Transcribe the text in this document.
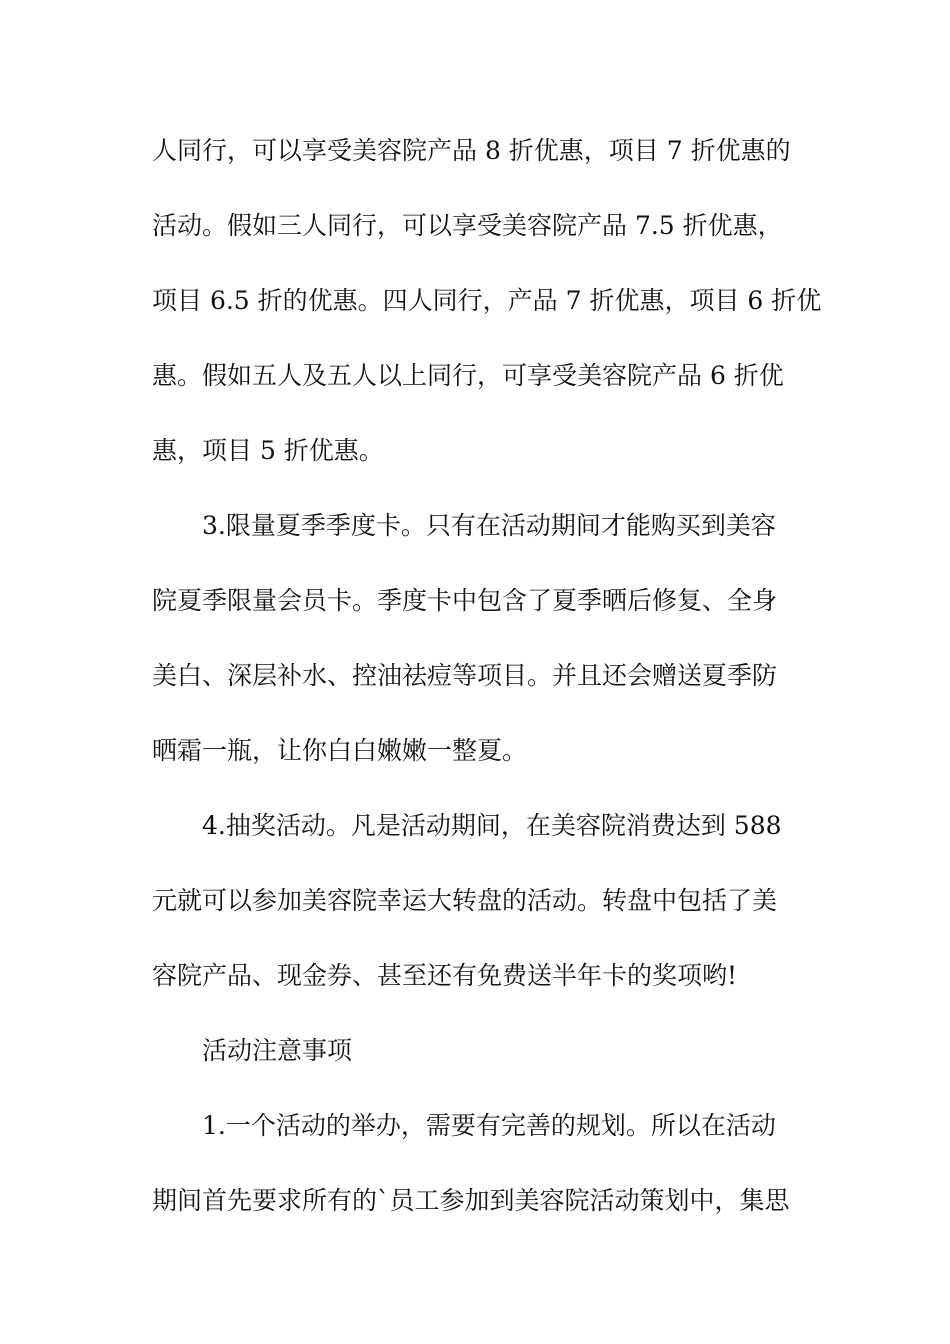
人同行，可以享受美容院产品 8 折优惠，项目 7 折优惠的
活动。假如三人同行，可以享受美容院产品 7.5 折优惠，
项目 6.5 折的优惠。四人同行，产品 7 折优惠，项目 6 折优
惠。假如五人及五人以上同行，可享受美容院产品 6 折优
惠，项目 5 折优惠。
3.限量夏季季度卡。只有在活动期间才能购买到美容
院夏季限量会员卡。季度卡中包含了夏季晒后修复、全身
美白、深层补水、控油祛痘等项目。并且还会赠送夏季防
晒霜一瓶，让你白白嫩嫩一整夏。
4.抽奖活动。凡是活动期间，在美容院消费达到 588
元就可以参加美容院幸运大转盘的活动。转盘中包括了美
容院产品、现金券、甚至还有免费送半年卡的奖项哟!
活动注意事项
1.一个活动的举办，需要有完善的规划。所以在活动
期间首先要求所有的`员工参加到美容院活动策划中，集思
